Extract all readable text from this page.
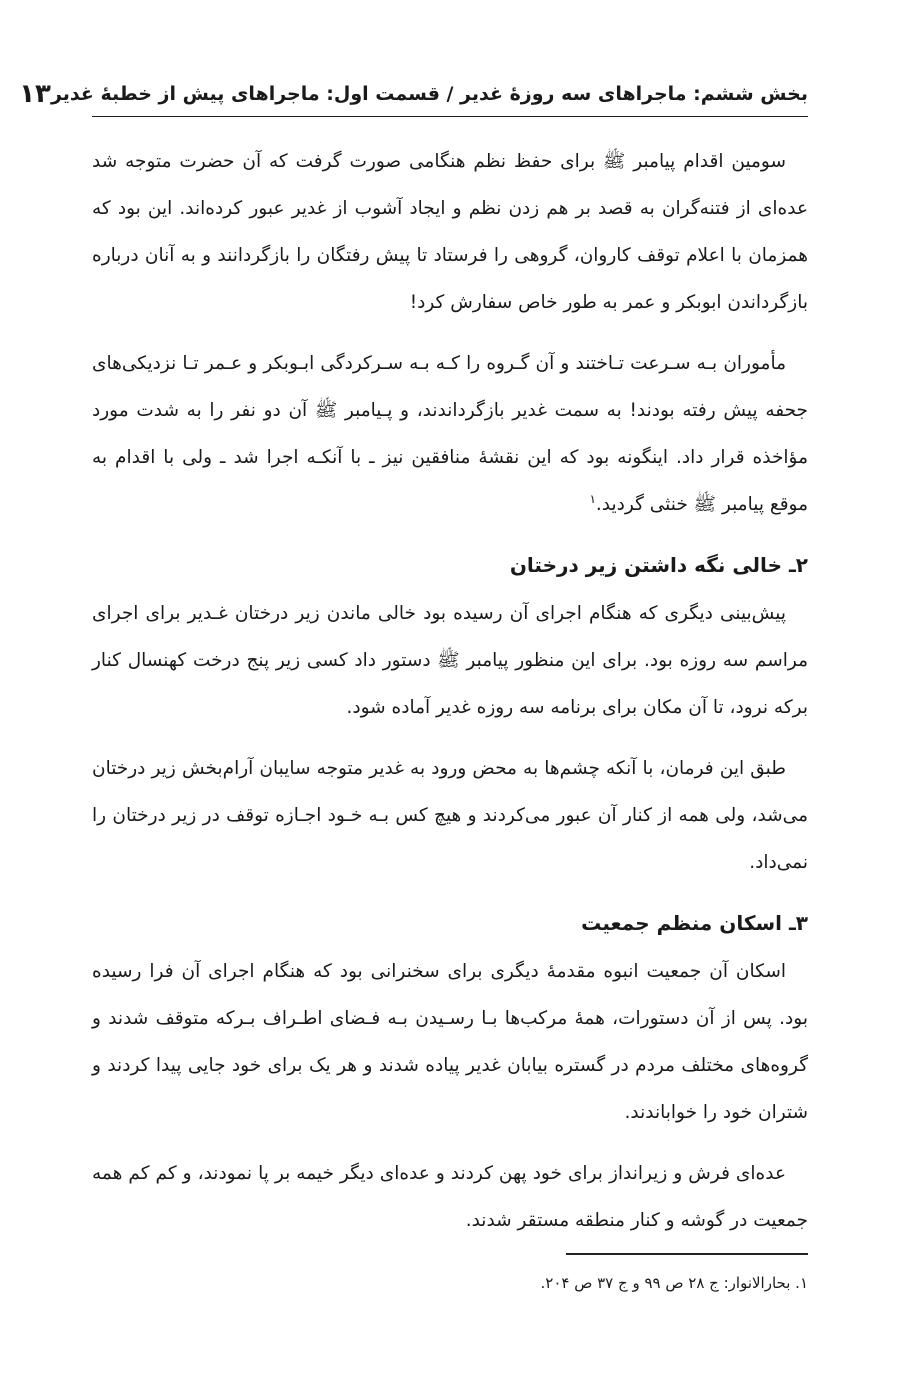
بخش ششم: ماجراهای سه روزهٔ غدیر / قسمت اول: ماجراهای پیش از خطبهٔ غدیر
۱۳

سومین اقدام پیامبر ﷺ برای حفظ نظم هنگامی صورت گرفت که آن حضرت متوجه شد عده‌ای از فتنه‌گران به قصد بر هم زدن نظم و ایجاد آشوب از غدیر عبور کرده‌اند. این بود که همزمان با اعلام توقف کاروان، گروهی را فرستاد تا پیش رفتگان را بازگردانند و به آنان درباره بازگرداندن ابوبکر و عمر به طور خاص سفارش کرد!

مأموران بـه سـرعت تـاختند و آن گـروه را کـه بـه سـرکردگی ابـوبکر و عـمر تـا نزدیکی‌های جحفه پیش رفته بودند! به سمت غدیر بازگرداندند، و پـیامبر ﷺ آن دو نفر را به شدت مورد مؤاخذه قرار داد. اینگونه بود که این نقشهٔ منافقین نیز ـ با آنکـه اجرا شد ـ ولی با اقدام به موقع پیامبر ﷺ خنثی گردید.$^۱$

۲ـ خالی نگه داشتن زیر درختان

پیش‌بینی دیگری که هنگام اجرای آن رسیده بود خالی ماندن زیر درختان غـدیر برای اجرای مراسم سه روزه بود. برای این منظور پیامبر ﷺ دستور داد کسی زیر پنج درخت کهنسال کنار برکه نرود، تا آن مکان برای برنامه سه روزه غدیر آماده شود.

طبق این فرمان، با آنکه چشم‌ها به محض ورود به غدیر متوجه سایبان آرام‌بخش زیر درختان می‌شد، ولی همه از کنار آن عبور می‌کردند و هیچ کس بـه خـود اجـازه توقف در زیر درختان را نمی‌داد.

۳ـ اسکان منظم جمعیت

اسکان آن جمعیت انبوه مقدمهٔ دیگری برای سخنرانی بود که هنگام اجرای آن فرا رسیده بود. پس از آن دستورات، همهٔ مرکب‌ها بـا رسـیدن بـه فـضای اطـراف بـرکه متوقف شدند و گروه‌های مختلف مردم در گستره بیابان غدیر پیاده شدند و هر یک برای خود جایی پیدا کردند و شتران خود را خواباندند.

عده‌ای فرش و زیرانداز برای خود پهن کردند و عده‌ای دیگر خیمه بر پا نمودند، و کم کم همه جمعیت در گوشه و کنار منطقه مستقر شدند.

۱. بحارالانوار: ج ۲۸ ص ۹۹ و ج ۳۷ ص ۲۰۴.
